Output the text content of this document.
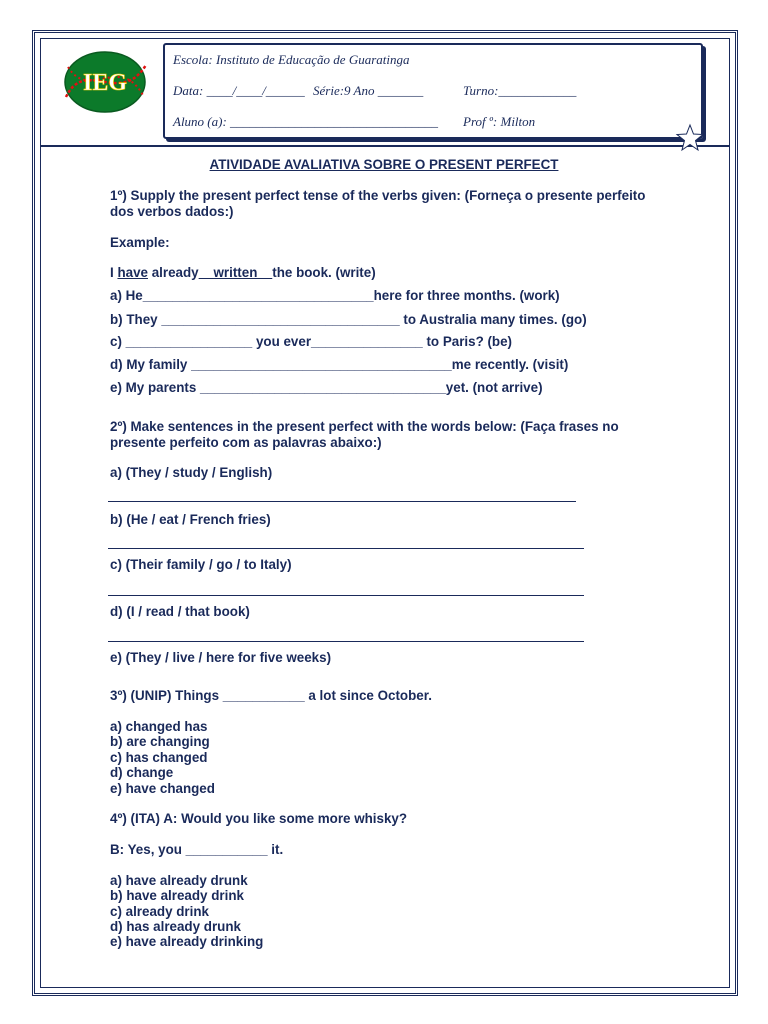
IEG
Escola: Instituto de Educação de Guaratinga
Data: ____/____/______ Série:9 Ano _______	Turno:____________
Aluno (a): ________________________________ Prof º: Milton
ATIVIDADE AVALIATIVA SOBRE O PRESENT PERFECT
1º) Supply the present perfect tense of the verbs given: (Forneça o presente perfeito
dos verbos dados:)
Example:
I have already    written    the book. (write)
a) He_______________________________here for three months. (work)
b) They ________________________________ to Australia many times. (go)
c) _________________ you ever_______________ to Paris? (be)
d) My family ___________________________________me recently. (visit)
e) My parents _________________________________yet. (not arrive)
2º) Make sentences in the present perfect with the words below: (Faça frases no
presente perfeito com as palavras abaixo:)
a) (They / study / English)
b) (He / eat / French fries)
c) (Their family / go / to Italy)
d) (I / read / that book)
e) (They / live / here for five weeks)
3º) (UNIP) Things ___________ a lot since October.
a) changed has
b) are changing
c) has changed
d) change
e) have changed
4º) (ITA) A: Would you like some more whisky?
B: Yes, you ___________ it.
a) have already drunk
b) have already drink
c) already drink
d) has already drunk
e) have already drinking
